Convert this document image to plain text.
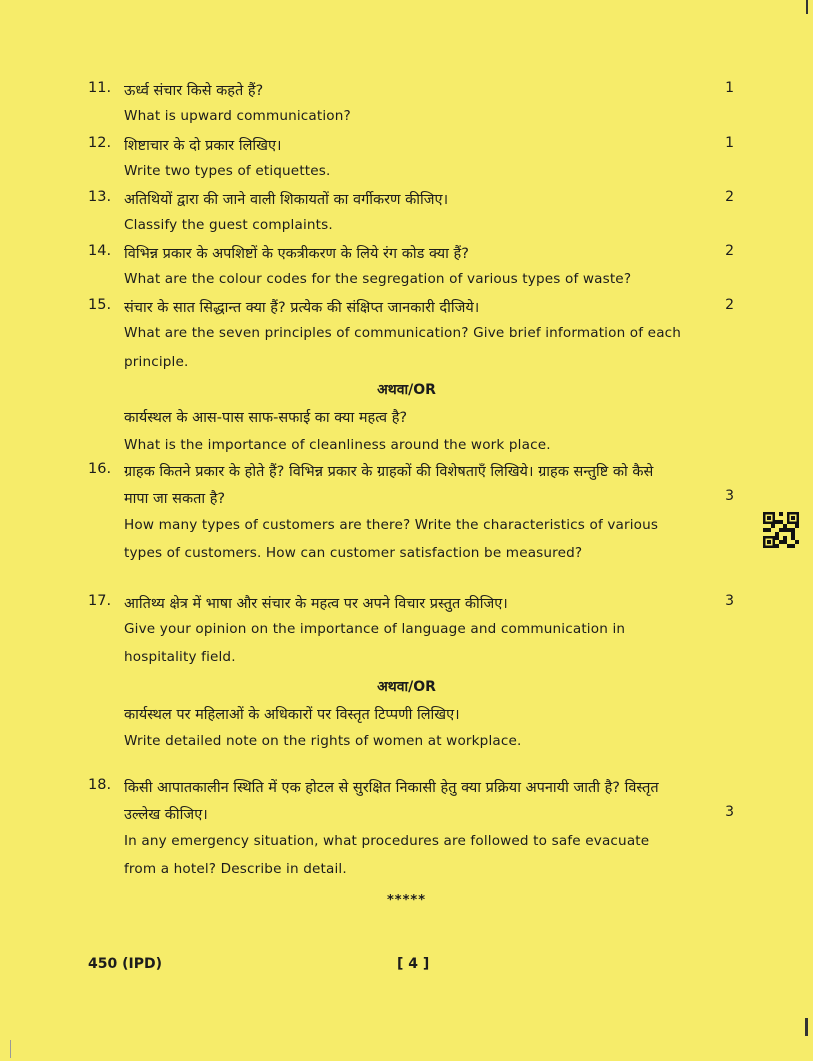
11.	1
ऊर्ध्व संचार किसे कहते हैं?
What is upward communication?
12.	1
शिष्टाचार के दो प्रकार लिखिए।
Write two types of etiquettes.
13.	2
अतिथियों द्वारा की जाने वाली शिकायतों का वर्गीकरण कीजिए।
Classify the guest complaints.
14.	2
विभिन्न प्रकार के अपशिष्टों के एकत्रीकरण के लिये रंग कोड क्या हैं?
What are the colour codes for the segregation of various types of waste?
15.	2
संचार के सात सिद्धान्त क्या हैं? प्रत्येक की संक्षिप्त जानकारी दीजिये।
What are the seven principles of communication? Give brief information of each
principle.
अथवा/OR
कार्यस्थल के आस-पास साफ-सफाई का क्या महत्व है?
What is the importance of cleanliness around the work place.
16. ग्राहक कितने प्रकार के होते हैं? विभिन्न प्रकार के ग्राहकों की विशेषताएँ लिखिये। ग्राहक सन्तुष्टि को कैसे
मापा जा सकता है?	3
How many types of customers are there? Write the characteristics of various
types of customers. How can customer satisfaction be measured?
17.	3
आतिथ्य क्षेत्र में भाषा और संचार के महत्व पर अपने विचार प्रस्तुत कीजिए।
Give your opinion on the importance of language and communication in
hospitality field.
अथवा/OR
कार्यस्थल पर महिलाओं के अधिकारों पर विस्तृत टिप्पणी लिखिए।
Write detailed note on the rights of women at workplace.
18. किसी आपातकालीन स्थिति में एक होटल से सुरक्षित निकासी हेतु क्या प्रक्रिया अपनायी जाती है? विस्तृत
उल्लेख कीजिए।	3
In any emergency situation, what procedures are followed to safe evacuate
from a hotel? Describe in detail.
*****
450 (IPD)	[ 4 ]
